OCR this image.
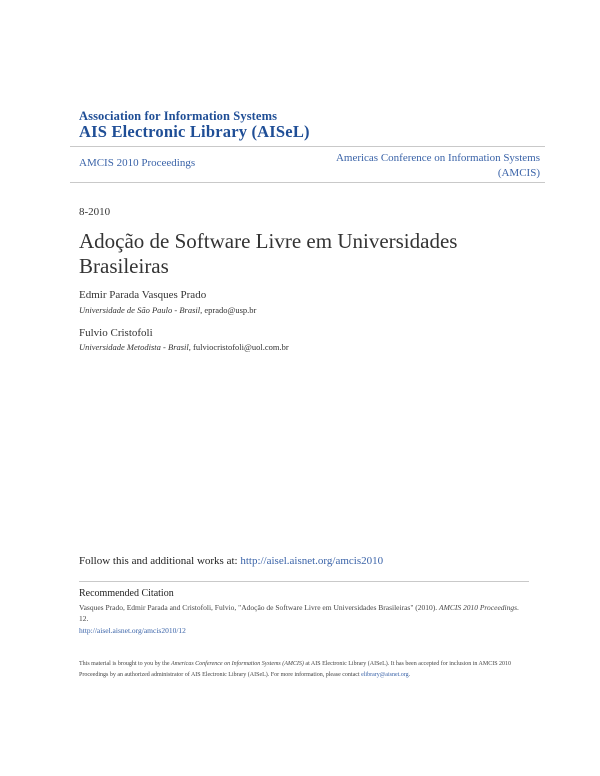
Association for Information Systems
AIS Electronic Library (AISeL)
AMCIS 2010 Proceedings	Americas Conference on Information Systems
(AMCIS)
8-2010
Adoção de Software Livre em Universidades Brasileiras
Edmir Parada Vasques Prado
Universidade de São Paulo - Brasil, eprado@usp.br
Fulvio Cristofoli
Universidade Metodista - Brasil, fulviocristofoli@uol.com.br
Follow this and additional works at: http://aisel.aisnet.org/amcis2010
Recommended Citation
Vasques Prado, Edmir Parada and Cristofoli, Fulvio, "Adoção de Software Livre em Universidades Brasileiras" (2010). AMCIS 2010 Proceedings. 12.
http://aisel.aisnet.org/amcis2010/12
This material is brought to you by the Americas Conference on Information Systems (AMCIS) at AIS Electronic Library (AISeL). It has been accepted for inclusion in AMCIS 2010 Proceedings by an authorized administrator of AIS Electronic Library (AISeL). For more information, please contact elibrary@aisnet.org.
